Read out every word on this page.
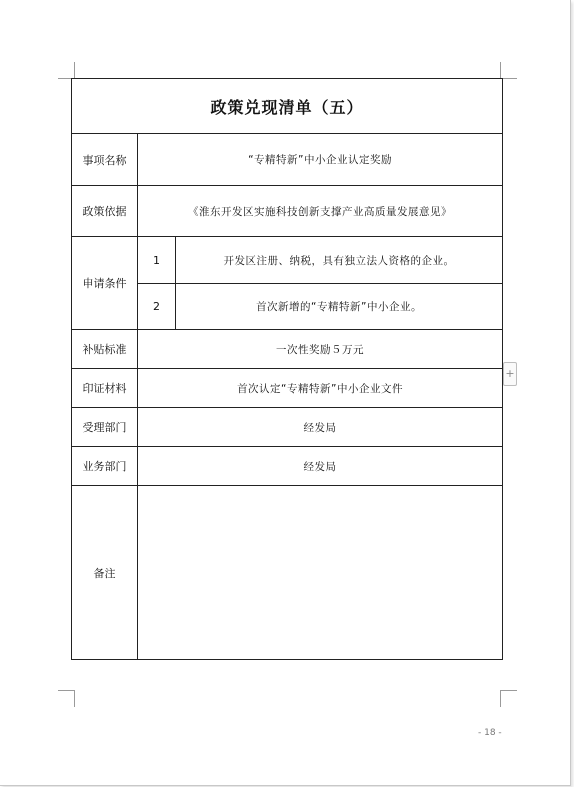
政策兑现清单（五）		
事项名称	“专精特新”中小企业认定奖励	
政策依据	《淮东开发区实施科技创新支撑产业高质量发展意见》	
申请条件	1	开发区注册、纳税，具有独立法人资格的企业。
	2	首次新增的“专精特新”中小企业。
补贴标准	一次性奖励５万元	
印证材料	首次认定“专精特新”中小企业文件	
受理部门	经发局	
业务部门	经发局	
备注		
+
- 18 -
